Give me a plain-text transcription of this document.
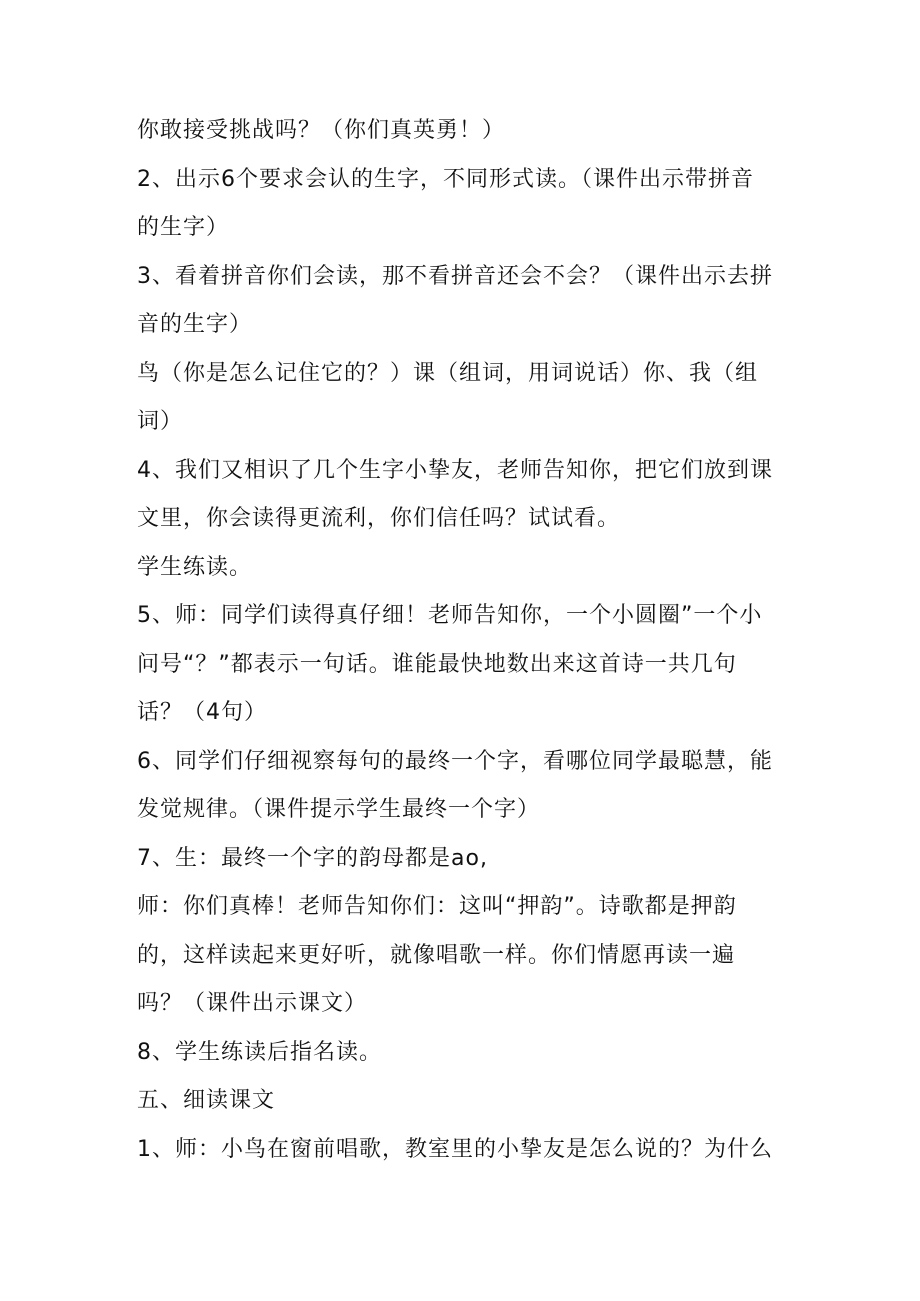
你敢接受挑战吗？（你们真英勇！）
2、出示6个要求会认的生字，不同形式读。（课件出示带拼音
的生字）
3、看着拼音你们会读，那不看拼音还会不会？（课件出示去拼
音的生字）
鸟（你是怎么记住它的？）课（组词，用词说话）你、我（组
词）
4、我们又相识了几个生字小挚友，老师告知你，把它们放到课
文里，你会读得更流利，你们信任吗？试试看。
学生练读。
5、师：同学们读得真仔细！老师告知你，一个小圆圈”一个小
问号“？”都表示一句话。谁能最快地数出来这首诗一共几句
话？（4句）
6、同学们仔细视察每句的最终一个字，看哪位同学最聪慧，能
发觉规律。（课件提示学生最终一个字）
7、生：最终一个字的韵母都是ao,
师：你们真棒！老师告知你们：这叫“押韵”。诗歌都是押韵
的，这样读起来更好听，就像唱歌一样。你们情愿再读一遍
吗？（课件出示课文）
8、学生练读后指名读。
五、细读课文
1、师：小鸟在窗前唱歌，教室里的小挚友是怎么说的？为什么
